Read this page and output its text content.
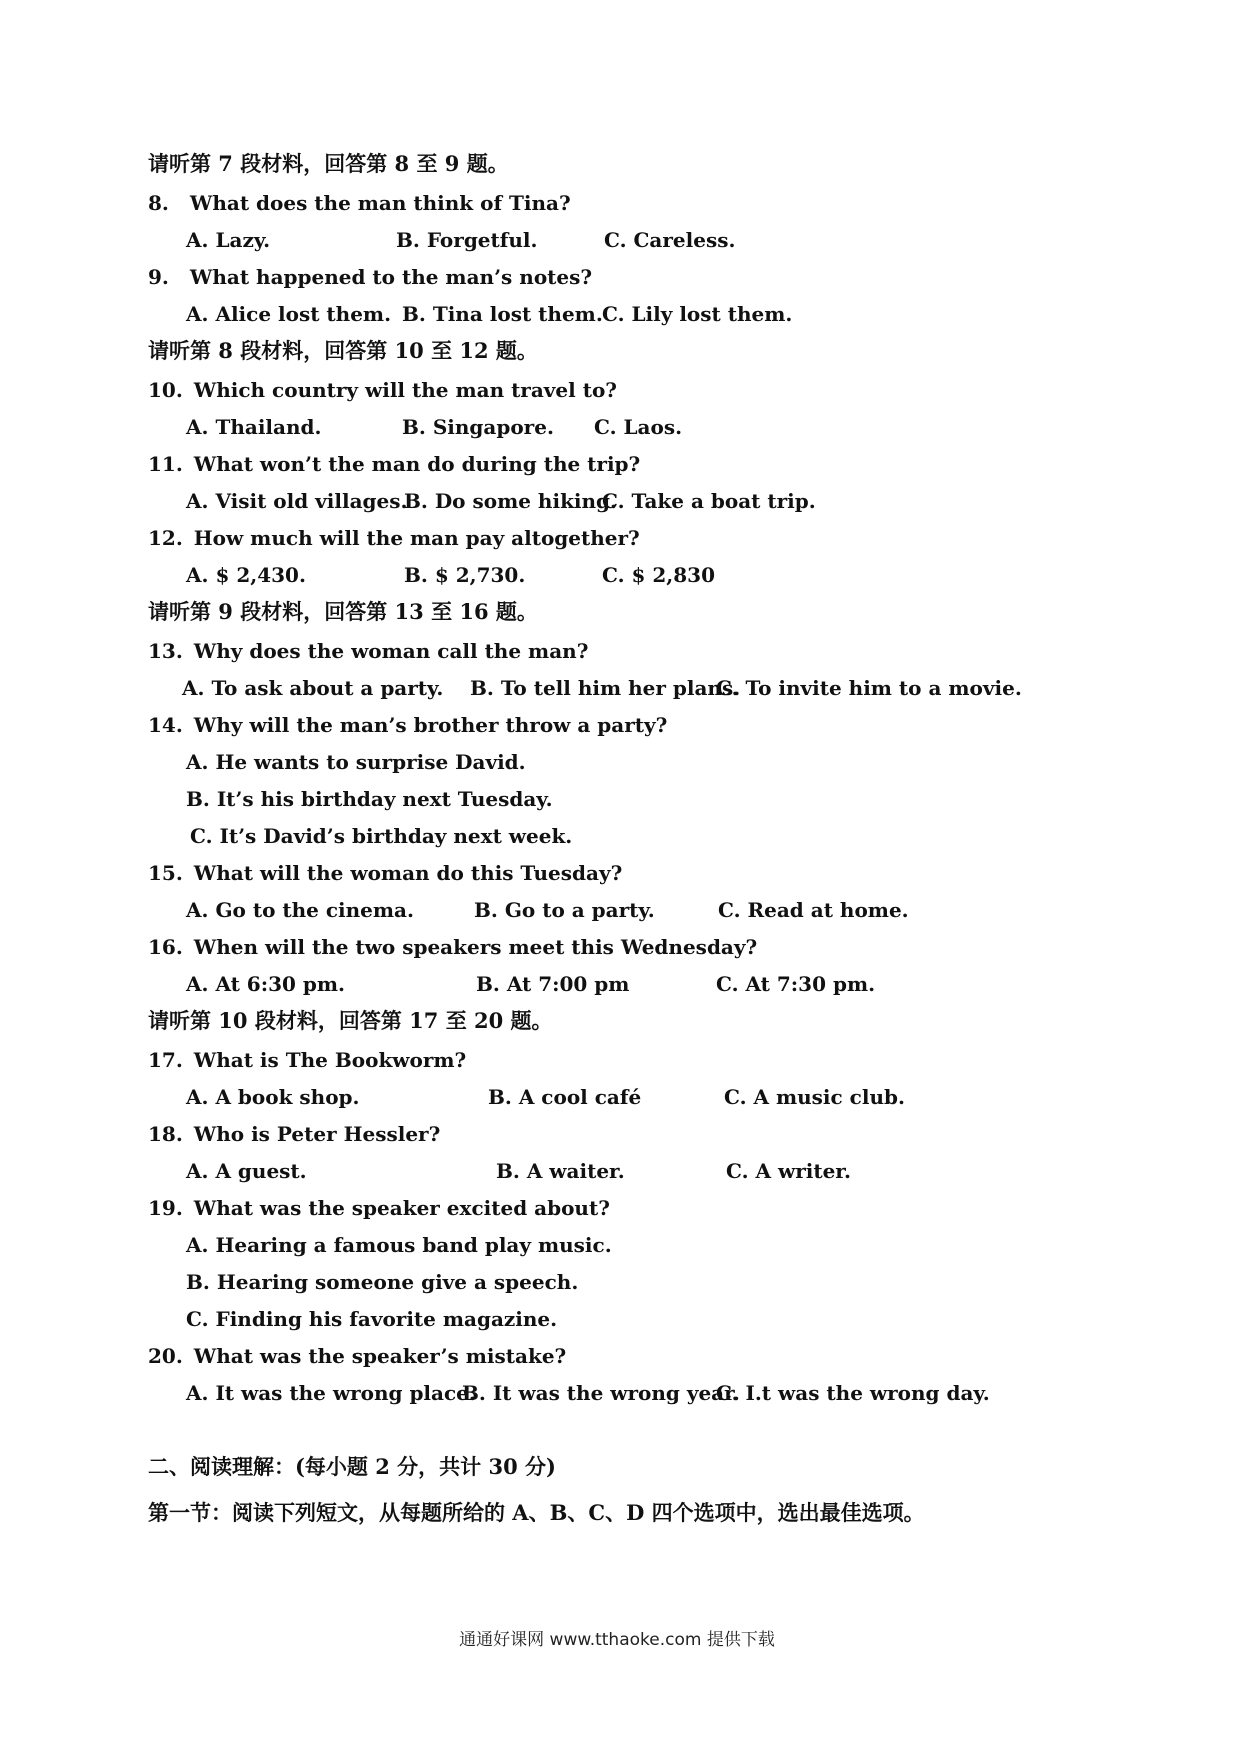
请听第 7 段材料，回答第 8 至 9 题。
8. What does the man think of Tina?
A. Lazy.	B. Forgetful.	C. Careless.
9. What happened to the man’s notes?
A. Alice lost them. B. Tina lost them. C. Lily lost them.
请听第 8 段材料，回答第 10 至 12 题。
10. Which country will the man travel to?
A. Thailand.	B. Singapore. C. Laos.
11. What won’t the man do during the trip?
A. Visit old villages.
B. Do some hiking.
C. Take a boat trip.
12. How much will the man pay altogether?
A. $ 2,430.	B. $ 2,730.	C. $ 2,830
请听第 9 段材料，回答第 13 至 16 题。
13. Why does the woman call the man?
A. To ask about a party. B. To tell him her plans.
C. To invite him to a movie.
14. Why will the man’s brother throw a party?
A. He wants to surprise David.
B. It’s his birthday next Tuesday.
C. It’s David’s birthday next week.
15. What will the woman do this Tuesday?
A. Go to the cinema.	B. Go to a party.	C. Read at home.
16. When will the two speakers meet this Wednesday?
A. At 6:30 pm.	B. At 7:00 pm	C. At 7:30 pm.
请听第 10 段材料，回答第 17 至 20 题。
17. What is The Bookworm?
A. A book shop.	B. A cool café	C. A music club.
18. Who is Peter Hessler?
A. A guest.	B. A waiter.	C. A writer.
19. What was the speaker excited about?
A. Hearing a famous band play music.
B. Hearing someone give a speech.
C. Finding his favorite magazine.
20. What was the speaker’s mistake?
A. It was the wrong place.
B. It was the wrong year.
C. I.t was the wrong day.
二、阅读理解：(每小题 2 分，共计 30 分)
第一节：阅读下列短文，从每题所给的 A、B、C、D 四个选项中，选出最佳选项。
通通好课网 www.tthaoke.com 提供下载
